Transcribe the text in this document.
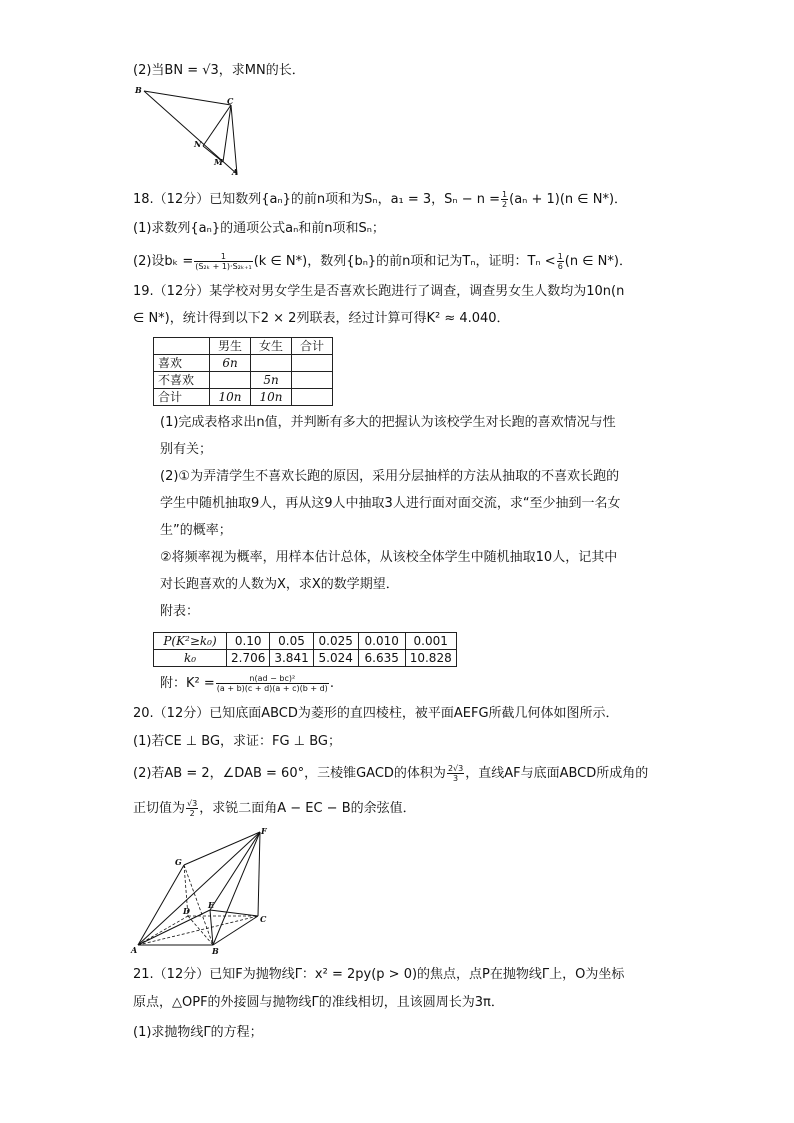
(2)当BN = √3，求MN的长．
B
C
N
M
A
18.（12分）已知数列{aₙ}的前n项和为Sₙ，a₁ = 3，$S_n - n = \frac{1}{2} (a_n + 1)(n$ ∈ N*)．
(1)求数列{aₙ}的通项公式aₙ和前n项和Sₙ；
(2)设$b_k = \frac{1}{\text{(S₂ₖ + 1)·S₂ₖ₊₁}} (k$ ∈ N*)，数列{bₙ}的前n项和记为Tₙ，证明：$T_n < \frac{1}{6} (n$ ∈ N*)．
19.（12分）某学校对男女学生是否喜欢长跑进行了调查，调查男女生人数均为10n(n
∈ N*)，统计得到以下2 × 2列联表，经过计算可得K² ≈ 4.040．
	男生	女生	合计
喜欢	6n		
不喜欢		5n	
合计	10n	10n	
(1)完成表格求出n值，并判断有多大的把握认为该校学生对长跑的喜欢情况与性
别有关；
(2)①为弄清学生不喜欢长跑的原因，采用分层抽样的方法从抽取的不喜欢长跑的
学生中随机抽取9人，再从这9人中抽取3人进行面对面交流，求“至少抽到一名女
生”的概率；
②将频率视为概率，用样本估计总体，从该校全体学生中随机抽取10人，记其中
对长跑喜欢的人数为X，求X的数学期望．
附表：
P(K²≥k₀)	0.10	0.05	0.025	0.010	0.001
k₀	2.706	3.841	5.024	6.635	10.828
附：$K^2 = \frac{\text{n(ad − bc)²}}{(a + b)(c + d)(a + c)(b + d)}$ .
20.（12分）已知底面ABCD为菱形的直四棱柱，被平面AEFG所截几何体如图所示．
(1)若CE ⊥ BG，求证：FG ⊥ BG；
(2)若AB = 2，∠DAB = 60°，三棱锥GACD的体积为 $\frac{2√3}{3}$ ，直线AF与底面ABCD所成角的
正切值为 $\frac{√3}{2}$ ，求锐二面角A − EC − B的余弦值．
F
G
D
E
C
A	B
21.（12分）已知F为抛物线Γ：x² = 2py(p > 0)的焦点，点P在抛物线Γ上，O为坐标
原点，△OPF的外接圆与抛物线Γ的准线相切，且该圆周长为3π．
(1)求抛物线Γ的方程；
